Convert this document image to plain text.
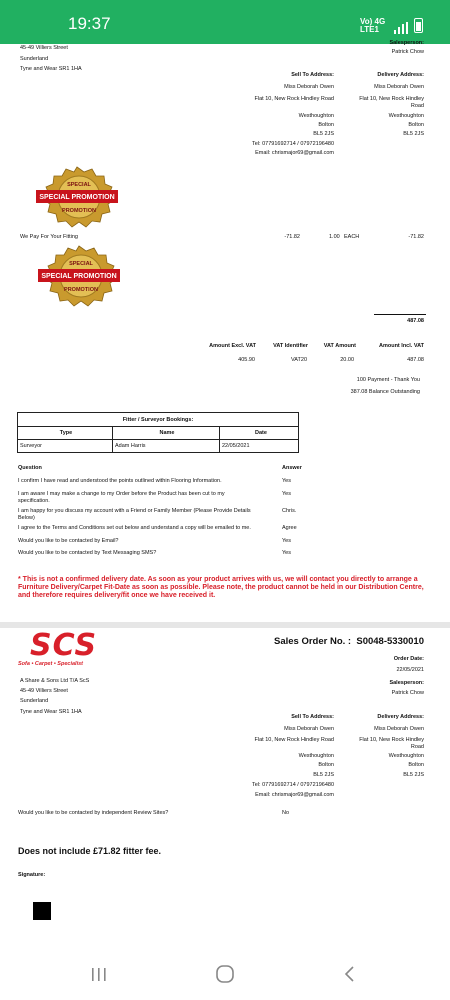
19:37	Vo) 4G
LTE1
45-49 Villiers Street
Sunderland
Tyne and Wear SR1 1HA
Salesperson:
Patrick Chow
Sell To Address:
Miss Deborah Owen
Flat 10, New Rock Hindley Road
Westhoughton
Bolton
BL5 2JS
Tel: 07791692714 / 07972196480
Email: chrismajor69@gmail.com
Delivery Address:
Miss Deborah Owen
Flat 10, New Rock Hindley
Road
Westhoughton
Bolton
BL5 2JS
SPECIAL
SPECIAL PROMOTION
PROMOTION
We Pay For Your Fitting	-71.82	1.00 EACH	-71.82
SPECIAL
SPECIAL PROMOTION
PROMOTION
487.08
Amount Excl. VAT	VAT Identifier	VAT Amount	Amount Incl. VAT
405.90	VAT20	20.00	487.08
100 Payment - Thank You
387.08 Balance Outstanding
Fitter / Surveyor Bookings:
Type	Name	Date
Surveyor	Adam Harris	22/05/2021
Question	Answer
I confirm I have read and understood the points outlined within Flooring Information.	Yes
I am aware I may make a change to my Order before the Product has been cut to my
specification.
Yes
I am happy for you discuss my account with a Friend or Family Member (Please Provide Details
Below)
Chris.
I agree to the Terms and Conditions set out below and understand a copy will be emailed to me.	Agree
Would you like to be contacted by Email?	Yes
Would you like to be contacted by Text Messaging SMS?	Yes
* This is not a confirmed delivery date. As soon as your product arrives with us, we will contact you directly to arrange a Furniture Delivery/Carpet Fit-Date as soon as possible. Please note, the product cannot be held in our Distribution Centre, and therefore requires delivery/fit once we have received it.
SCS
Sofa • Carpet • Specialist
Sales Order No. : S0048-5330010
Order Date:
22/05/2021
Salesperson:
Patrick Chow
A Share & Sons Ltd T/A ScS
45-49 Villiers Street
Sunderland
Tyne and Wear SR1 1HA
Sell To Address:
Miss Deborah Owen
Flat 10, New Rock Hindley Road
Westhoughton
Bolton
BL5 2JS
Tel: 07791692714 / 07972196480
Email: chrismajor69@gmail.com
Delivery Address:
Miss Deborah Owen
Flat 10, New Rock Hindley
Road
Westhoughton
Bolton
BL5 2JS
Would you like to be contacted by independent Review Sites?	No
Does not include £71.82 fitter fee.
Signature:
